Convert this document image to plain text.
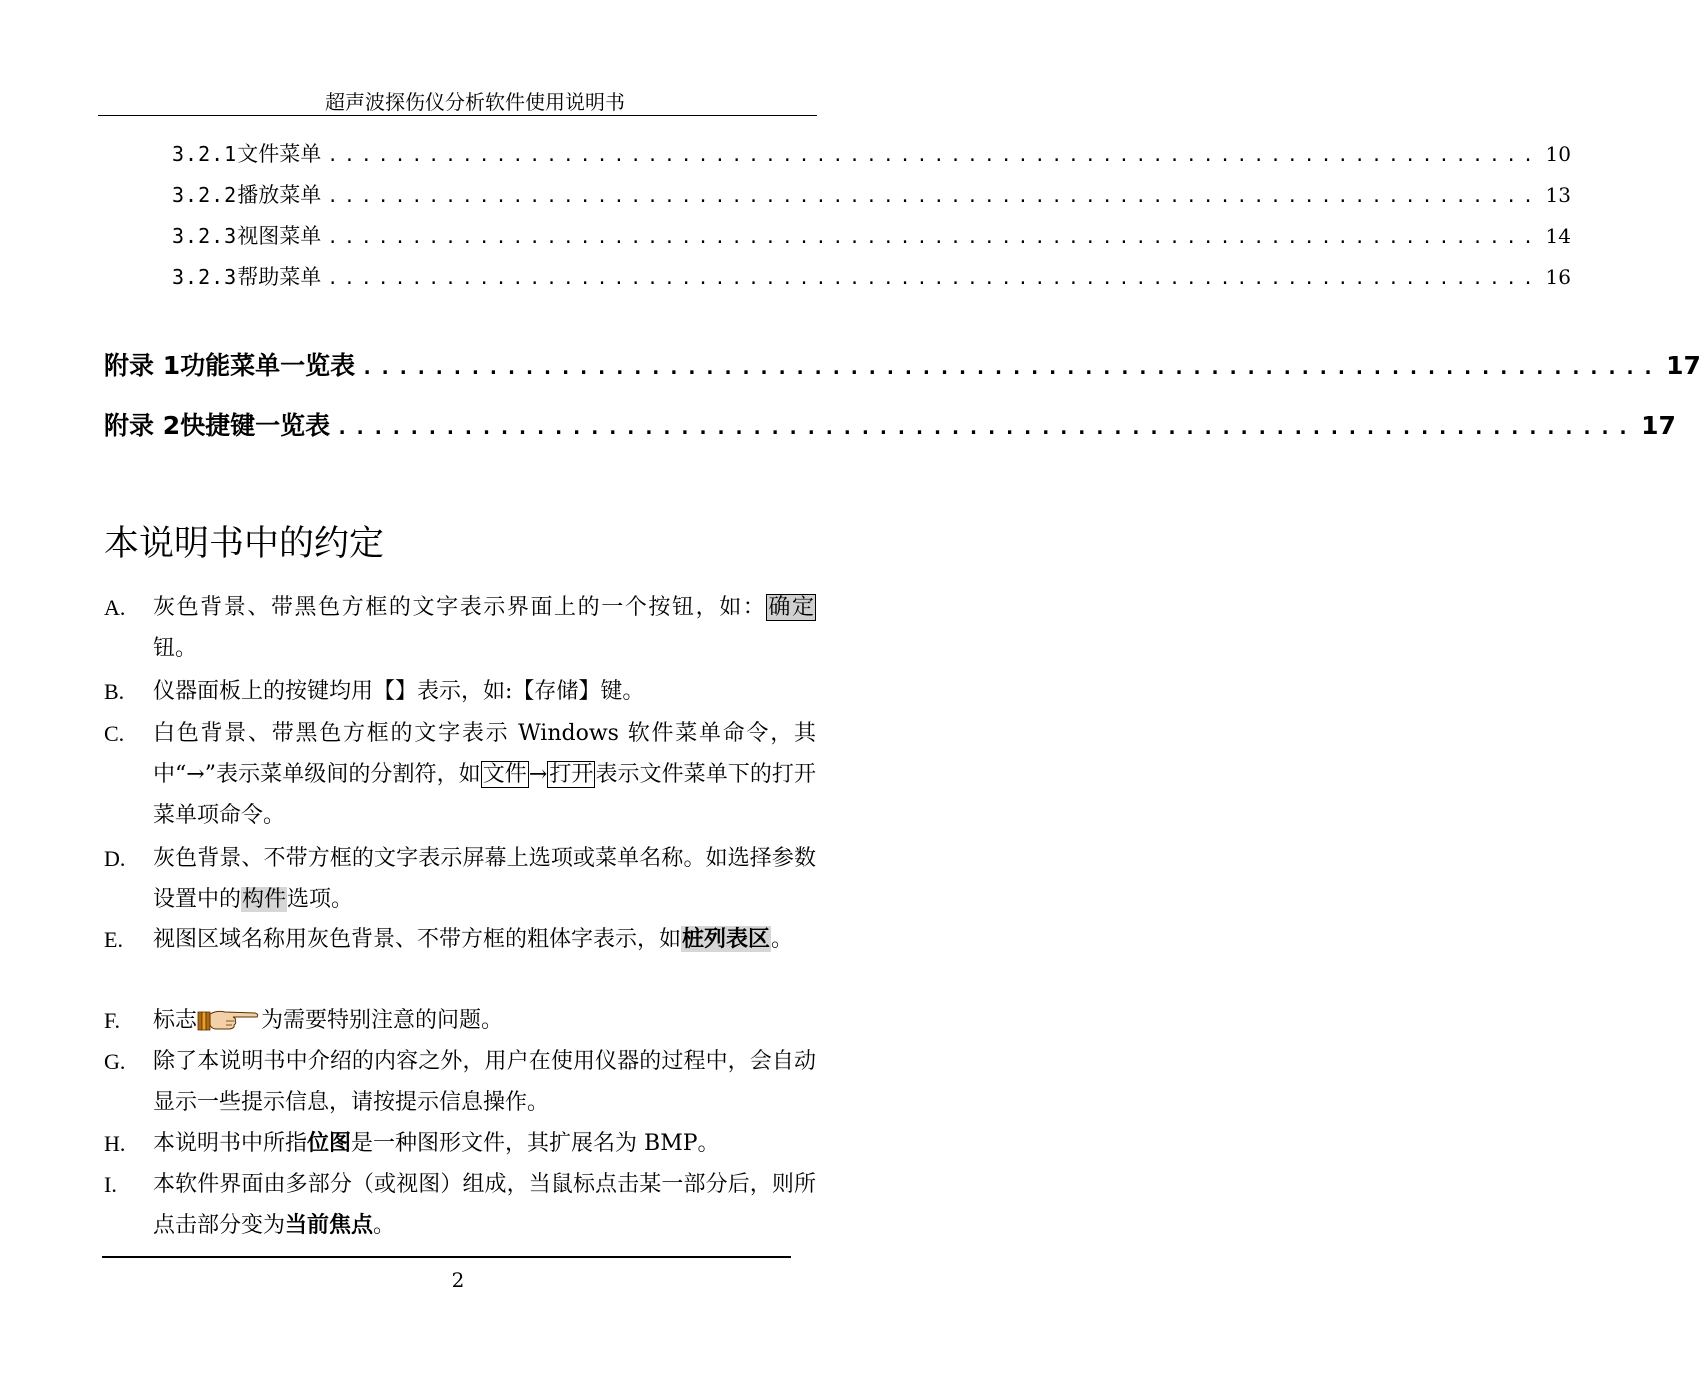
超声波探伤仪分析软件使用说明书
3.2.1 文件菜单 ........................................................................ 10
3.2.2 播放菜单 ........................................................................ 13
3.2.3 视图菜单 ........................................................................ 14
3.2.3 帮助菜单 ........................................................................ 16
附录 1 功能菜单一览表 ........................................................................ 17
附录 2 快捷键一览表 ........................................................................ 17
本说明书中的约定
A.	灰色背景、带黑色方框的文字表示界面上的一个按钮，如：确定钮。
B.	仪器面板上的按键均用【】表示，如:【存储】键。
C.	白色背景、带黑色方框的文字表示 Windows 软件菜单命令，其中“→”表示菜单级间的分割符，如文件→打开表示文件菜单下的打开菜单项命令。
D.	灰色背景、不带方框的文字表示屏幕上选项或菜单名称。如选择参数设置中的构件选项。
E.	视图区域名称用灰色背景、不带方框的粗体字表示，如桩列表区。
F.	标志	为需要特别注意的问题。
G.	除了本说明书中介绍的内容之外，用户在使用仪器的过程中，会自动显示一些提示信息，请按提示信息操作。
H.	本说明书中所指位图是一种图形文件，其扩展名为 BMP。
I.	本软件界面由多部分（或视图）组成，当鼠标点击某一部分后，则所点击部分变为当前焦点。
2
